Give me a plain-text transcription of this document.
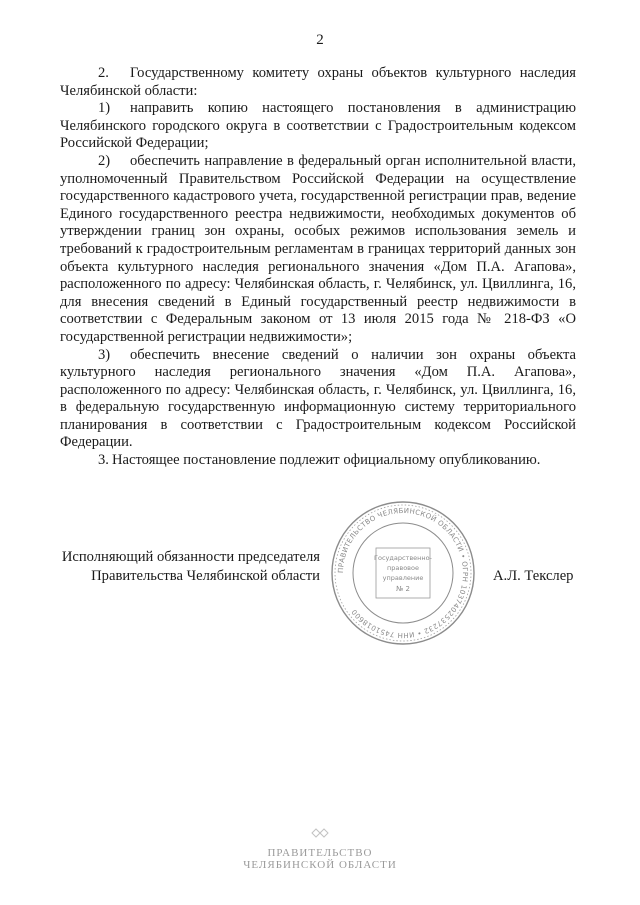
2

2. Государственному комитету охраны объектов культурного наследия Челябинской области:

1) направить копию настоящего постановления в администрацию Челябинского городского округа в соответствии с Градостроительным кодексом Российской Федерации;

2) обеспечить направление в федеральный орган исполнительной власти, уполномоченный Правительством Российской Федерации на осуществление государственного кадастрового учета, государственной регистрации прав, ведение Единого государственного реестра недвижимости, необходимых документов об утверждении границ зон охраны, особых режимов использования земель и требований к градостроительным регламентам в границах территорий данных зон объекта культурного наследия регионального значения «Дом П.А. Агапова», расположенного по адресу: Челябинская область, г. Челябинск, ул. Цвиллинга, 16, для внесения сведений в Единый государственный реестр недвижимости в соответствии с Федеральным законом от 13 июля 2015 года № 218-ФЗ «О государственной регистрации недвижимости»;

3) обеспечить внесение сведений о наличии зон охраны объекта культурного наследия регионального значения «Дом П.А. Агапова», расположенного по адресу: Челябинская область, г. Челябинск, ул. Цвиллинга, 16, в федеральную государственную информационную систему территориального планирования в соответствии с Градостроительным кодексом Российской Федерации.

3. Настоящее постановление подлежит официальному опубликованию.

Исполняющий обязанности председателя
Правительства Челябинской области ПРАВИТЕЛЬСТВО ЧЕЛЯБИНСКОЙ ОБЛАСТИ • ОГРН 1037402537232 • ИНН 7451018600
Государственно-
правовое
управление
№ 2
А.Л. Текслер
ПРАВИТЕЛЬСТВО
ЧЕЛЯБИНСКОЙ ОБЛАСТИ
